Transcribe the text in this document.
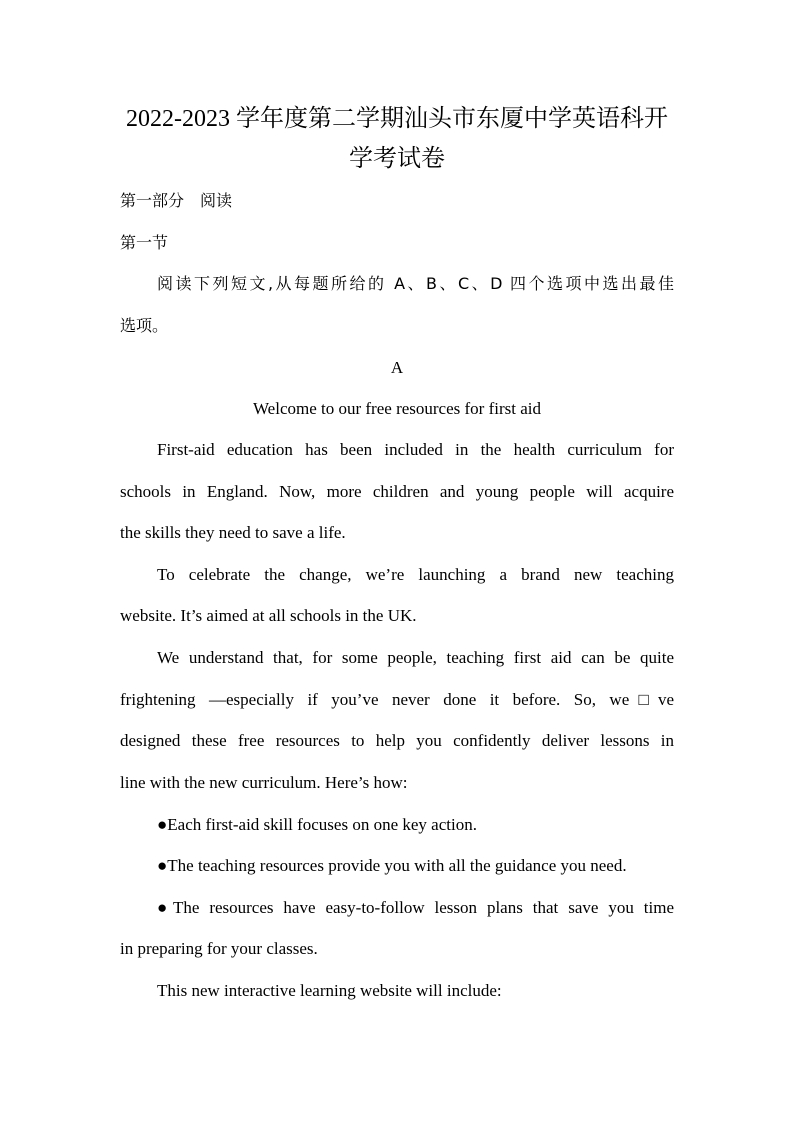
2022-2023 学年度第二学期汕头市东厦中学英语科开
学考试卷
第一部分　阅读
第一节
阅读下列短文,从每题所给的 A、B、C、D 四个选项中选出最佳
选项。
A
Welcome to our free resources for first aid
First-aid education has been included in the health curriculum for
schools in England. Now, more children and young people will acquire
the skills they need to save a life.
To celebrate the change, we’re launching a brand new teaching
website. It’s aimed at all schools in the UK.
We understand that, for some people, teaching first aid can be quite
frightening —especially if you’ve never done it before. So, we□ve
designed these free resources to help you confidently deliver lessons in
line with the new curriculum. Here’s how:
●Each first-aid skill focuses on one key action.
●The teaching resources provide you with all the guidance you need.
●The resources have easy-to-follow lesson plans that save you time
in preparing for your classes.
This new interactive learning website will include:
